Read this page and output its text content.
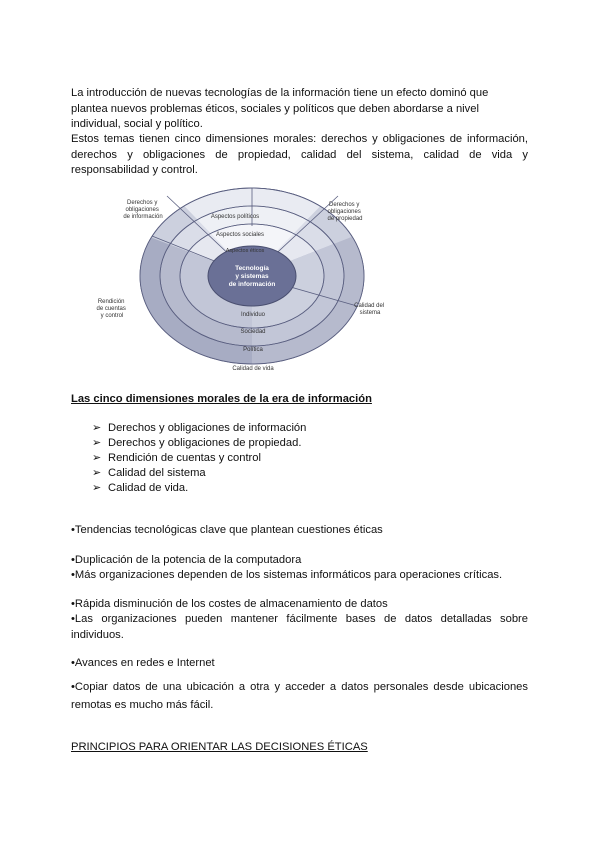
La introducción de nuevas tecnologías de la información tiene un efecto dominó que plantea nuevos problemas éticos, sociales y políticos que deben abordarse a nivel individual, social y político.

Estos temas tienen cinco dimensiones morales: derechos y obligaciones de información, derechos y obligaciones de propiedad, calidad del sistema, calidad de vida y responsabilidad y control.

Tecnología
y sistemas
de información
Aspectos políticos
Aspectos sociales
Aspectos éticos
Individuo
Sociedad
Política
Derechos y obligaciones de información
Derechos y obligaciones de propiedad
Rendición de cuentas y control
Calidad del sistema
Calidad de vida

Las cinco dimensiones morales de la era de información

➢ Derechos y obligaciones de información
➢ Derechos y obligaciones de propiedad.
➢ Rendición de cuentas y control
➢ Calidad del sistema
➢ Calidad de vida.

•Tendencias tecnológicas clave que plantean cuestiones éticas

•Duplicación de la potencia de la computadora

•Más organizaciones dependen de los sistemas informáticos para operaciones críticas.

•Rápida disminución de los costes de almacenamiento de datos

•Las organizaciones pueden mantener fácilmente bases de datos detalladas sobre individuos.

•Avances en redes e Internet

•Copiar datos de una ubicación a otra y acceder a datos personales desde ubicaciones remotas es mucho más fácil.

PRINCIPIOS PARA ORIENTAR LAS DECISIONES ÉTICAS
